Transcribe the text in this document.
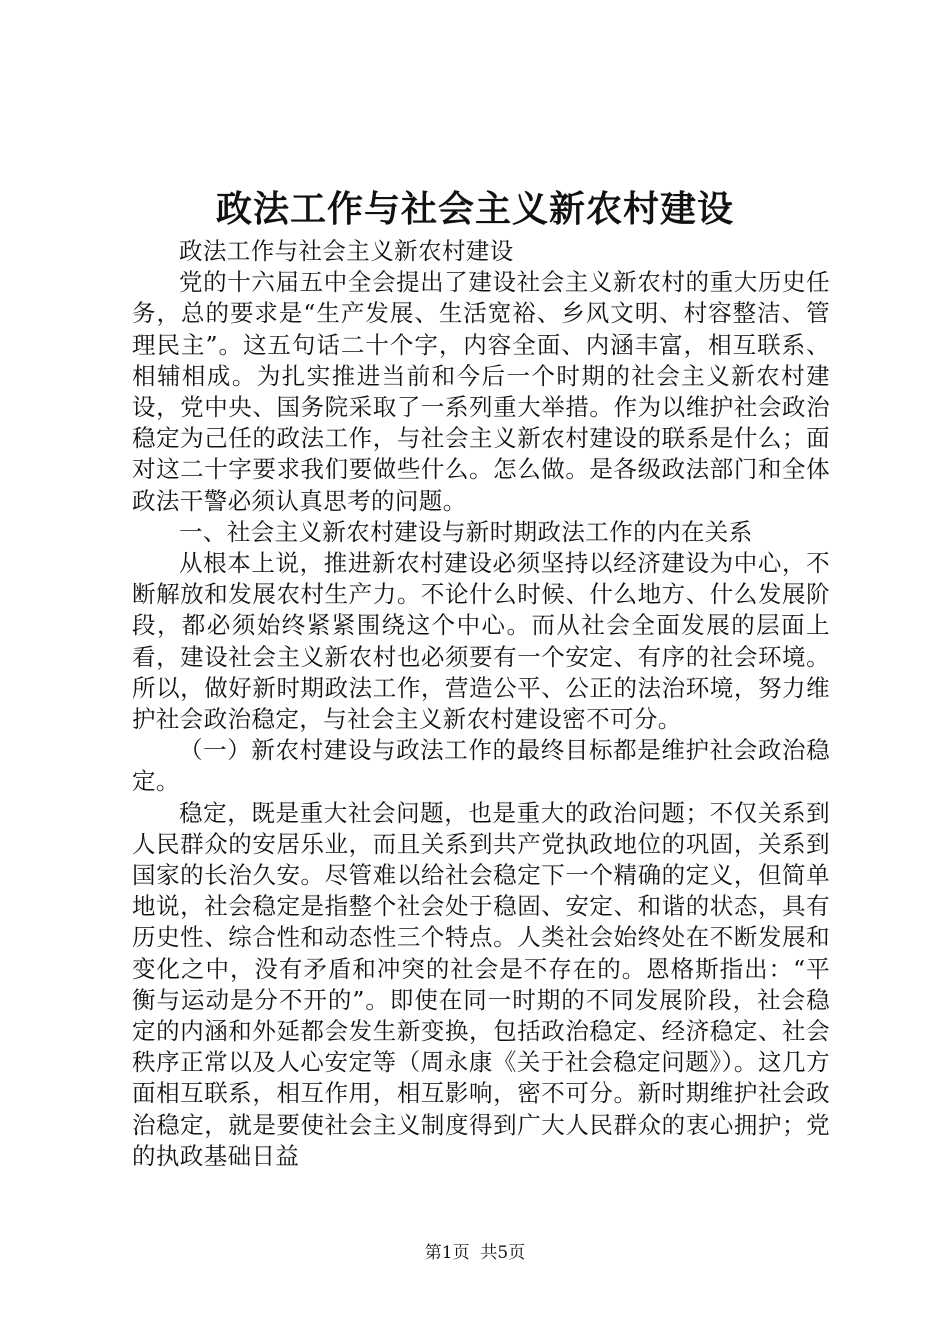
政法工作与社会主义新农村建设

政法工作与社会主义新农村建设

党的十六届五中全会提出了建设社会主义新农村的重大历史任务，总的要求是“生产发展、生活宽裕、乡风文明、村容整洁、管理民主”。这五句话二十个字，内容全面、内涵丰富，相互联系、相辅相成。为扎实推进当前和今后一个时期的社会主义新农村建设，党中央、国务院采取了一系列重大举措。作为以维护社会政治稳定为己任的政法工作，与社会主义新农村建设的联系是什么；面对这二十字要求我们要做些什么。怎么做。是各级政法部门和全体政法干警必须认真思考的问题。

一、社会主义新农村建设与新时期政法工作的内在关系

从根本上说，推进新农村建设必须坚持以经济建设为中心，不断解放和发展农村生产力。不论什么时候、什么地方、什么发展阶段，都必须始终紧紧围绕这个中心。而从社会全面发展的层面上看，建设社会主义新农村也必须要有一个安定、有序的社会环境。所以，做好新时期政法工作，营造公平、公正的法治环境，努力维护社会政治稳定，与社会主义新农村建设密不可分。

（一）新农村建设与政法工作的最终目标都是维护社会政治稳定。

稳定，既是重大社会问题，也是重大的政治问题；不仅关系到人民群众的安居乐业，而且关系到共产党执政地位的巩固，关系到国家的长治久安。尽管难以给社会稳定下一个精确的定义，但简单地说，社会稳定是指整个社会处于稳固、安定、和谐的状态，具有历史性、综合性和动态性三个特点。人类社会始终处在不断发展和变化之中，没有矛盾和冲突的社会是不存在的。恩格斯指出：“平衡与运动是分不开的”。即使在同一时期的不同发展阶段，社会稳定的内涵和外延都会发生新变换，包括政治稳定、经济稳定、社会秩序正常以及人心安定等（周永康《关于社会稳定问题》）。这几方面相互联系，相互作用，相互影响，密不可分。新时期维护社会政治稳定，就是要使社会主义制度得到广大人民群众的衷心拥护；党的执政基础日益

第1页  共5页
